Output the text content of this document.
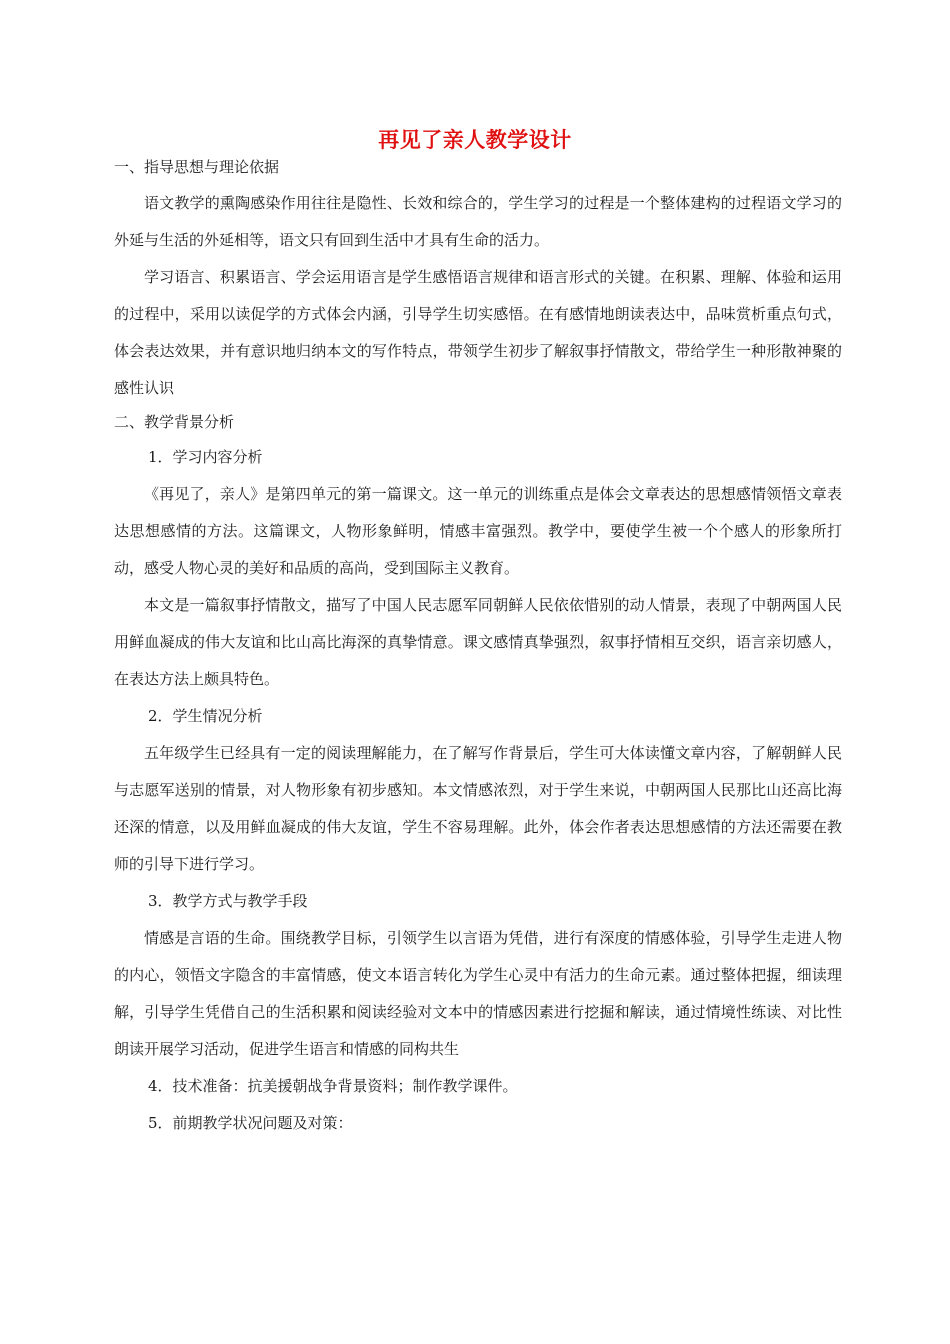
再见了亲人教学设计
一、指导思想与理论依据

语文教学的熏陶感染作用往往是隐性、长效和综合的，学生学习的过程是一个整体建构的过程语文学习的外延与生活的外延相等，语文只有回到生活中才具有生命的活力。

学习语言、积累语言、学会运用语言是学生感悟语言规律和语言形式的关键。在积累、理解、体验和运用的过程中，采用以读促学的方式体会内涵，引导学生切实感悟。在有感情地朗读表达中，品味赏析重点句式，体会表达效果，并有意识地归纳本文的写作特点，带领学生初步了解叙事抒情散文，带给学生一种形散神聚的感性认识

二、教学背景分析
1．学习内容分析

《再见了，亲人》是第四单元的第一篇课文。这一单元的训练重点是体会文章表达的思想感情领悟文章表达思想感情的方法。这篇课文，人物形象鲜明，情感丰富强烈。教学中，要使学生被一个个感人的形象所打动，感受人物心灵的美好和品质的高尚，受到国际主义教育。

本文是一篇叙事抒情散文，描写了中国人民志愿军同朝鲜人民依依惜别的动人情景，表现了中朝两国人民用鲜血凝成的伟大友谊和比山高比海深的真挚情意。课文感情真挚强烈，叙事抒情相互交织，语言亲切感人，在表达方法上颇具特色。

2．学生情况分析

五年级学生已经具有一定的阅读理解能力，在了解写作背景后，学生可大体读懂文章内容，了解朝鲜人民与志愿军送别的情景，对人物形象有初步感知。本文情感浓烈，对于学生来说，中朝两国人民那比山还高比海还深的情意，以及用鲜血凝成的伟大友谊，学生不容易理解。此外，体会作者表达思想感情的方法还需要在教师的引导下进行学习。

3．教学方式与教学手段

情感是言语的生命。围绕教学目标，引领学生以言语为凭借，进行有深度的情感体验，引导学生走进人物的内心，领悟文字隐含的丰富情感，使文本语言转化为学生心灵中有活力的生命元素。通过整体把握，细读理解，引导学生凭借自己的生活积累和阅读经验对文本中的情感因素进行挖掘和解读，通过情境性练读、对比性朗读开展学习活动，促进学生语言和情感的同构共生

4．技术准备：抗美援朝战争背景资料；制作教学课件。
5．前期教学状况问题及对策：
